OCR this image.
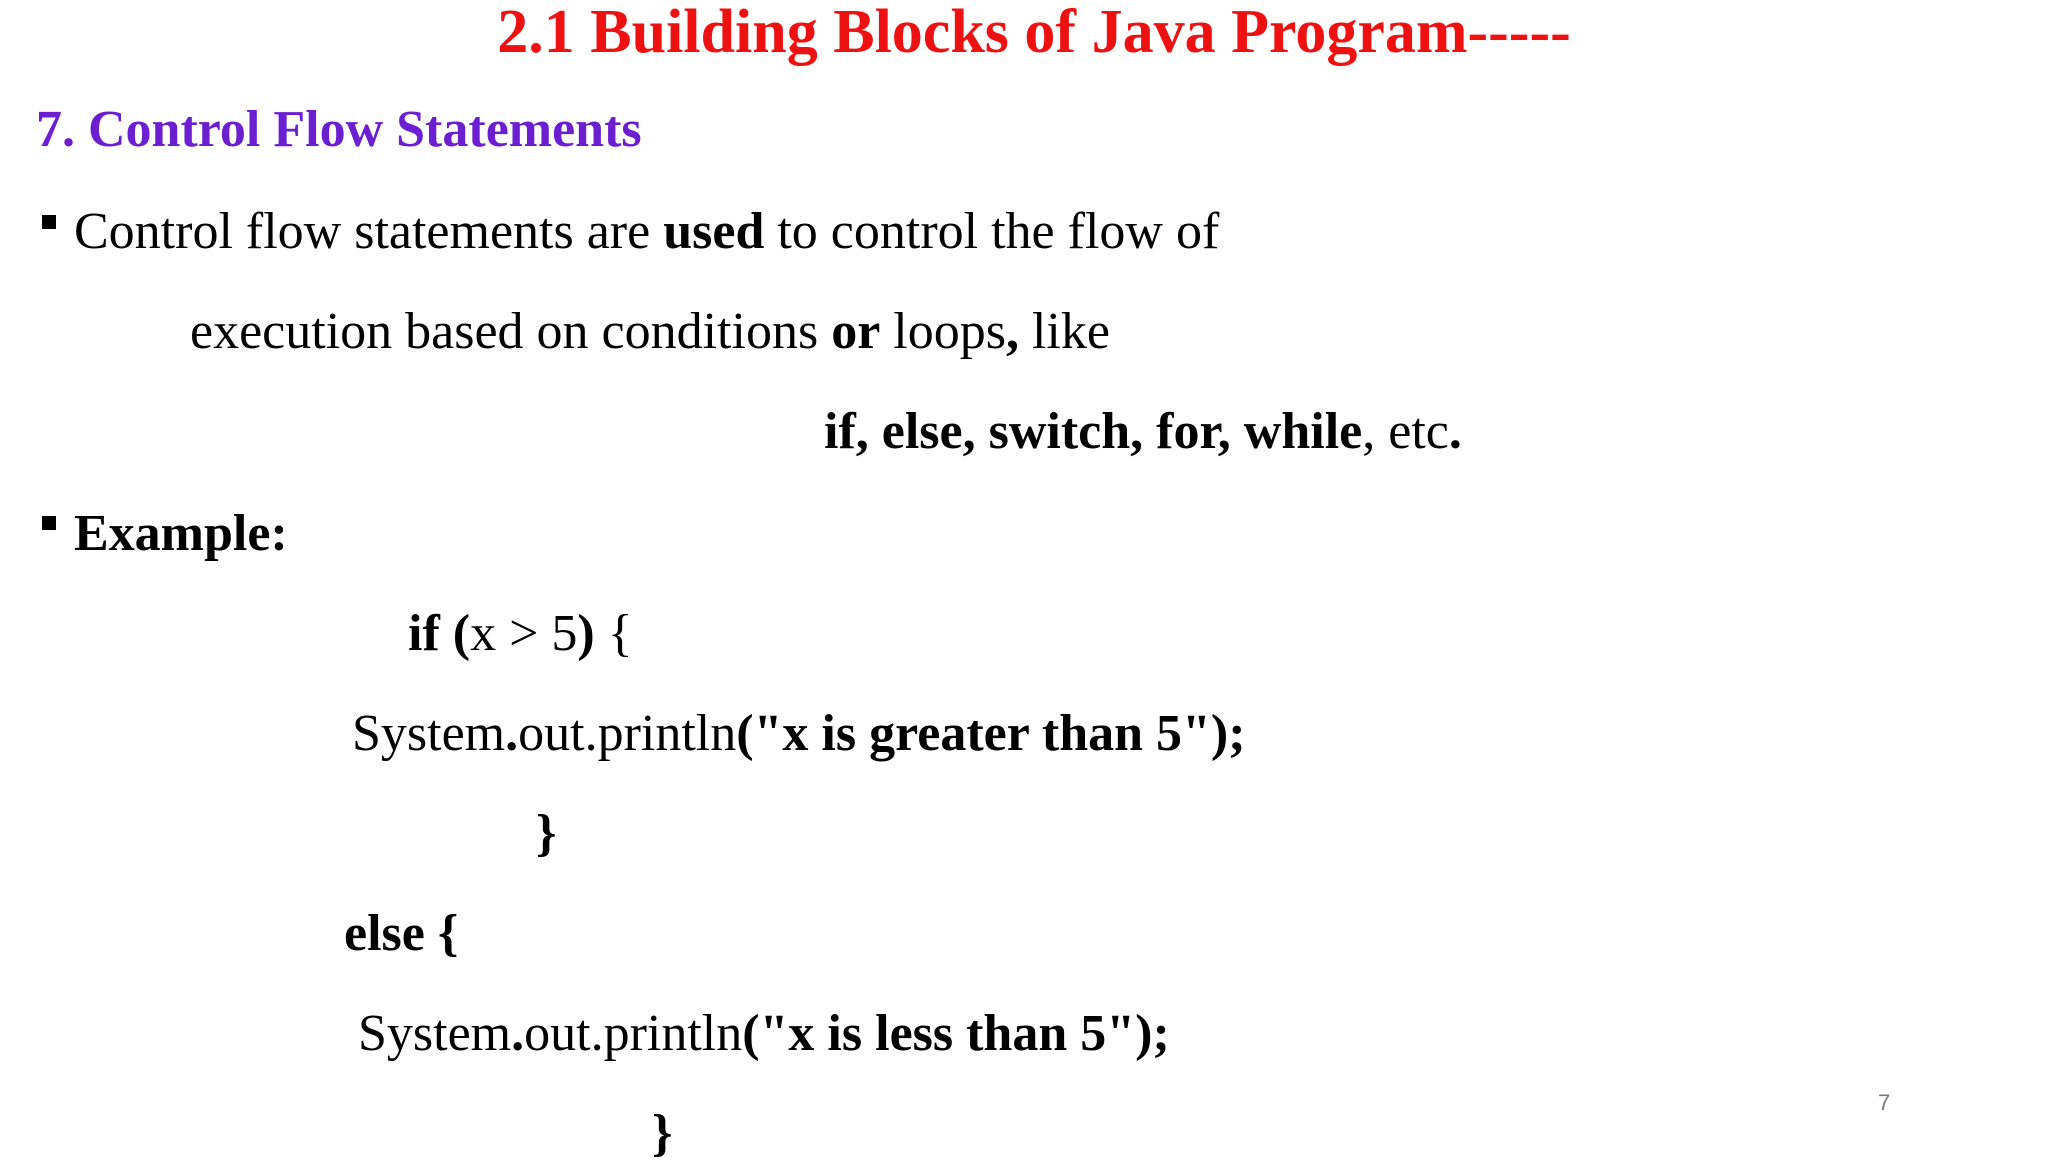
2.1 Building Blocks of Java Program-----
7. Control Flow Statements
Control flow statements are used to control the flow of
execution based on conditions or loops, like
if, else, switch, for, while, etc.
Example:
if (x > 5) {
System.out.println("x is greater than 5");
}
else {
System.out.println("x is less than 5");
}
7
